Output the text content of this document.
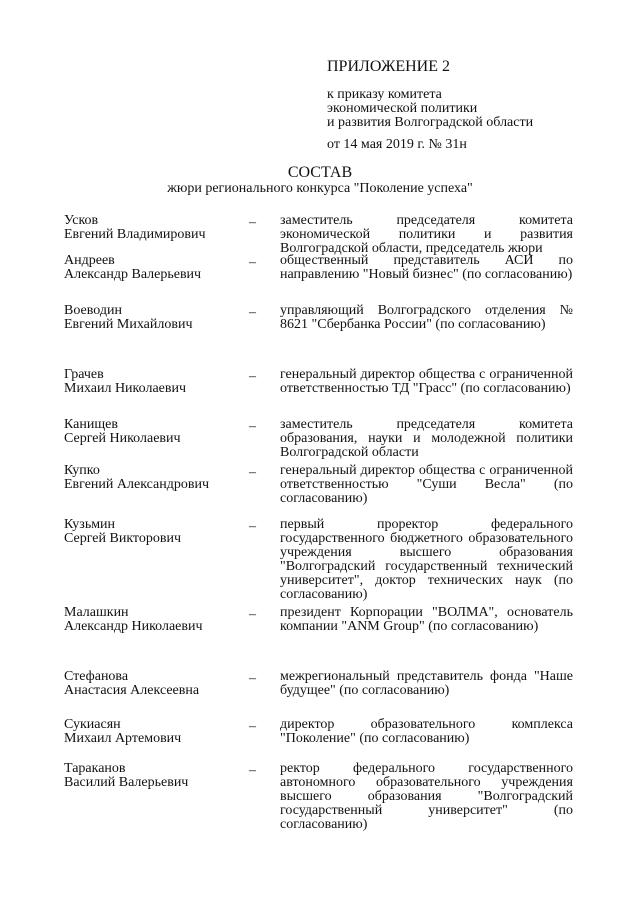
ПРИЛОЖЕНИЕ 2
к приказу комитета
экономической политики
и развития Волгоградской области
от 14 мая 2019 г. № 31н
СОСТАВ
жюри регионального конкурса "Поколение успеха"
Усков
Евгений Владимирович
– заместитель председателя комитета экономической политики и развития Волгоградской области, председатель жюри
Андреев
Александр Валерьевич
– общественный представитель АСИ по направлению "Новый бизнес" (по согласованию)
Воеводин
Евгений Михайлович
– управляющий Волгоградского отделения № 8621 "Сбербанка России" (по согласованию)
Грачев
Михаил Николаевич
– генеральный директор общества с ограниченной ответственностью ТД "Грасс" (по согласованию)
Канищев
Сергей Николаевич
– заместитель председателя комитета образования, науки и молодежной политики Волгоградской области
Купко
Евгений Александрович
– генеральный директор общества с ограниченной ответственностью "Суши Весла" (по согласованию)
Кузьмин
Сергей Викторович
– первый проректор федерального государственного бюджетного образовательного учреждения высшего образования "Волгоградский государственный технический университет", доктор технических наук (по согласованию)
Малашкин
Александр Николаевич
– президент Корпорации "ВОЛМА", основатель компании "ANM Group" (по согласованию)
Стефанова
Анастасия Алексеевна
– межрегиональный представитель фонда "Наше будущее" (по согласованию)
Сукиасян
Михаил Артемович
– директор образовательного комплекса "Поколение" (по согласованию)
Тараканов
Василий Валерьевич
– ректор федерального государственного автономного образовательного учреждения высшего образования "Волгоградский государственный университет" (по согласованию)
